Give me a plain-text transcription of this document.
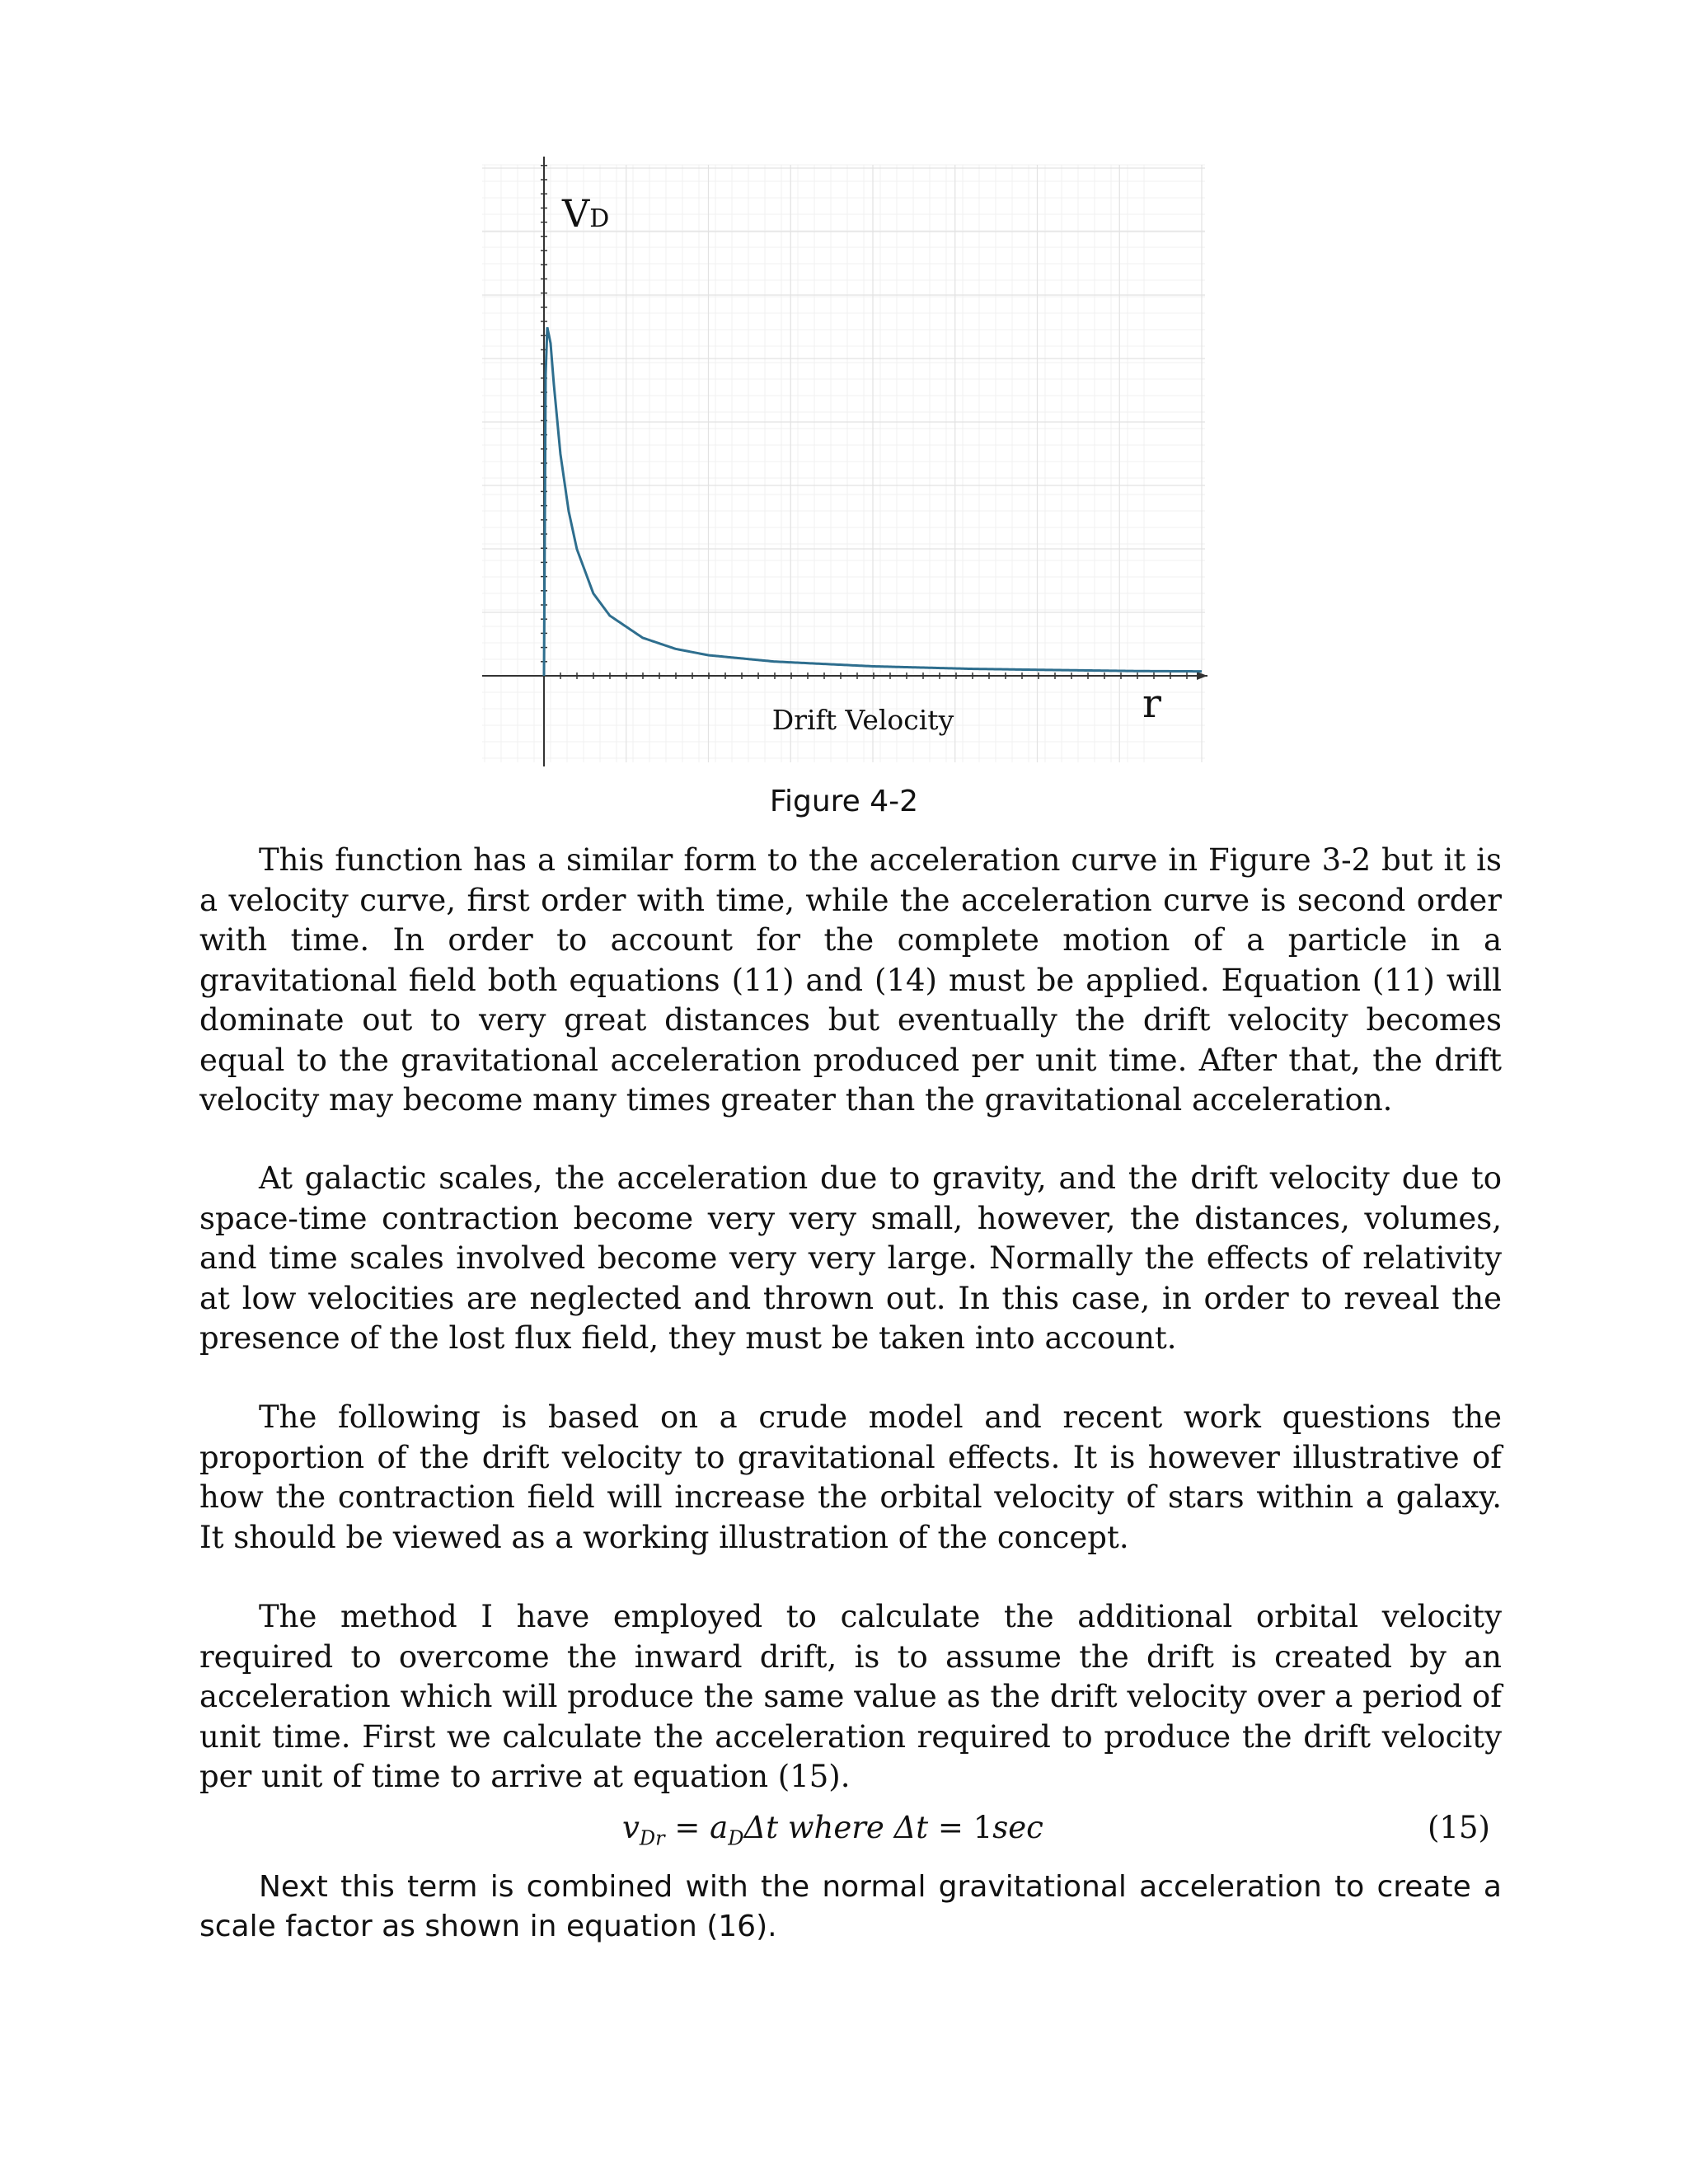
VD
r
Drift Velocity
Figure 4-2

This function has a similar form to the acceleration curve in Figure 3-2 but it is a velocity curve, first order with time, while the acceleration curve is second order with time. In order to account for the complete motion of a particle in a gravitational field both equations (11) and (14) must be applied. Equation (11) will dominate out to very great distances but eventually the drift velocity becomes equal to the gravitational acceleration produced per unit time. After that, the drift velocity may become many times greater than the gravitational acceleration.

At galactic scales, the acceleration due to gravity, and the drift velocity due to space-time contraction become very very small, however, the distances, volumes, and time scales involved become very very large. Normally the effects of relativity at low velocities are neglected and thrown out. In this case, in order to reveal the presence of the lost flux field, they must be taken into account.

The following is based on a crude model and recent work questions the proportion of the drift velocity to gravitational effects. It is however illustrative of how the contraction field will increase the orbital velocity of stars within a galaxy. It should be viewed as a working illustration of the concept.

The method I have employed to calculate the additional orbital velocity required to overcome the inward drift, is to assume the drift is created by an acceleration which will produce the same value as the drift velocity over a period of unit time. First we calculate the acceleration required to produce the drift velocity per unit of time to arrive at equation (15).

$v_{Dr} = a_D\Delta t$ where Δt = 1sec	(15)

Next this term is combined with the normal gravitational acceleration to create a scale factor as shown in equation (16).
